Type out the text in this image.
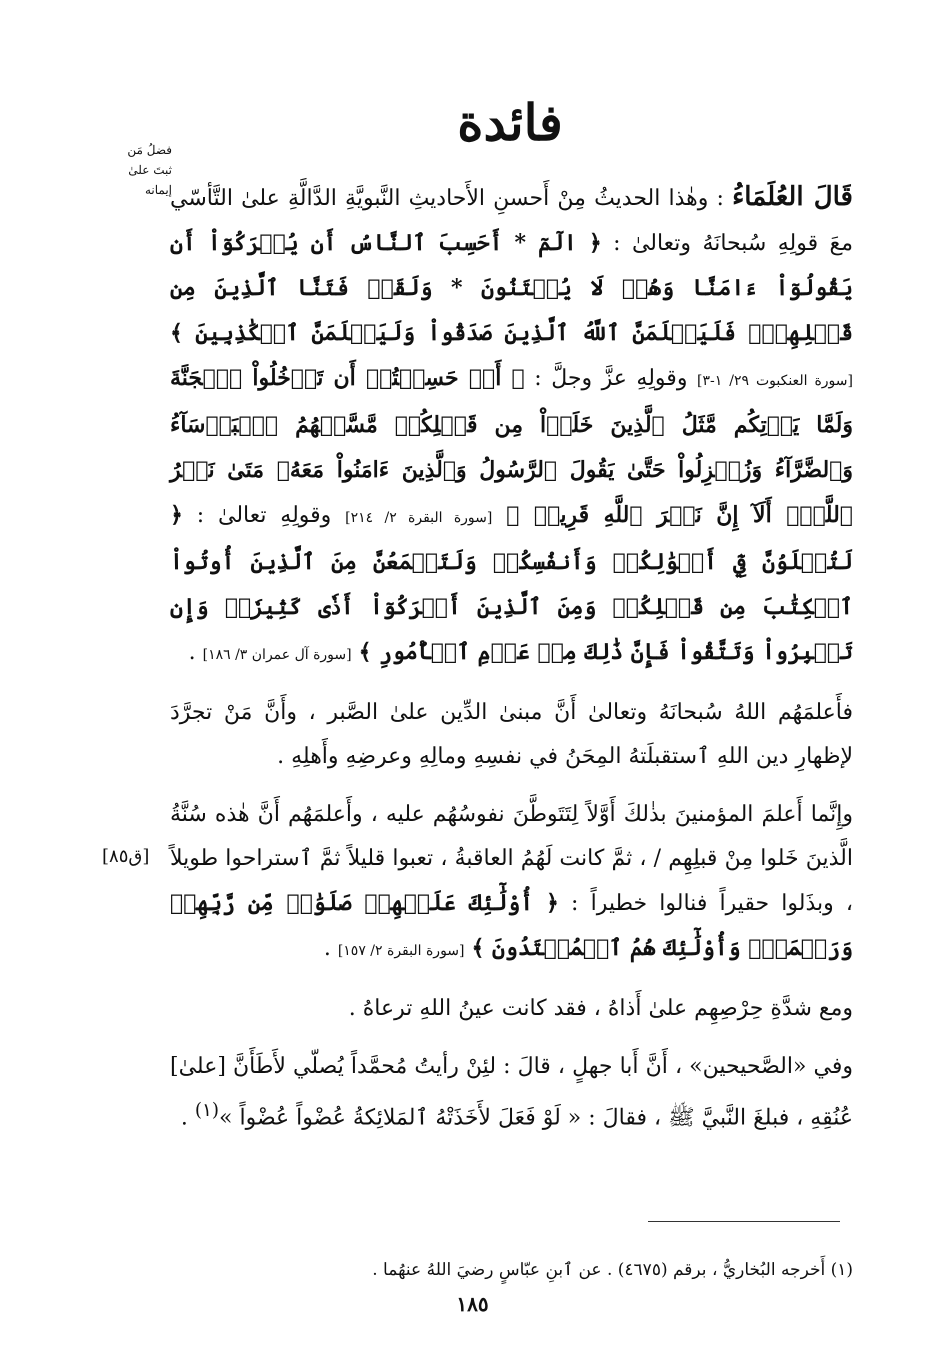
فائدة
فضلُ مَن ثبتَ علىٰ إيمانه
[ق٨٥]

قَالَ العُلَمَاءُ : وهٰذا الحديثُ مِنْ أَحسنِ الأَحاديثِ النَّبويَّةِ الدَّالَّةِ علىٰ التَّأسّي معَ قولِهِ سُبحانَهُ وتعالىٰ : ﴿ الٓمٓ * أَحَسِبَ ٱلنَّاسُ أَن يُتۡرَكُوٓاْ أَن يَقُولُوٓاْ ءَامَنَّا وَهُمۡ لَا يُفۡتَنُونَ * وَلَقَدۡ فَتَنَّا ٱلَّذِينَ مِن قَبۡلِهِمۡۖ فَلَيَعۡلَمَنَّ ٱللَّهُ ٱلَّذِينَ صَدَقُواْ وَلَيَعۡلَمَنَّ ٱلۡكَٰذِبِينَ ﴾ [سورة العنكبوت ٢٩/ ١-٣] وقولِهِ عزَّ وجلَّ : ﴿ أَمۡ حَسِبۡتُمۡ أَن تَدۡخُلُواْ ٱلۡجَنَّةَ وَلَمَّا يَأۡتِكُم مَّثَلُ ٱلَّذِينَ خَلَوۡاْ مِن قَبۡلِكُمۖ مَّسَّتۡهُمُ ٱلۡبَأۡسَآءُ وَٱلضَّرَّآءُ وَزُلۡزِلُواْ حَتَّىٰ يَقُولَ ٱلرَّسُولُ وَٱلَّذِينَ ءَامَنُواْ مَعَهُۥ مَتَىٰ نَصۡرُ ٱللَّهِۗ أَلَآ إِنَّ نَصۡرَ ٱللَّهِ قَرِيبٞ ﴾ [سورة البقرة ٢/ ٢١٤] وقولِهِ تعالىٰ : ﴿ لَتُبۡلَوُنَّ فِيٓ أَمۡوَٰلِكُمۡ وَأَنفُسِكُمۡ وَلَتَسۡمَعُنَّ مِنَ ٱلَّذِينَ أُوتُواْ ٱلۡكِتَٰبَ مِن قَبۡلِكُمۡ وَمِنَ ٱلَّذِينَ أَشۡرَكُوٓاْ أَذٗى كَثِيرٗاۚ وَإِن تَصۡبِرُواْ وَتَتَّقُواْ فَإِنَّ ذَٰلِكَ مِنۡ عَزۡمِ ٱلۡأُمُورِ ﴾ [سورة آل عمران ٣/ ١٨٦] .

فأَعلمَهُم اللهُ سُبحانَهُ وتعالىٰ أَنَّ مبنىٰ الدِّين علىٰ الصَّبر ، وأَنَّ مَنْ تجرَّدَ لإظهارِ دين اللهِ ٱستقبلَتهُ المِحَنُ في نفسِهِ ومالِهِ وعرضِهِ وأَهلِهِ .

وإِنَّما أَعلمَ المؤمنينَ بذٰلكَ أَوَّلاً لِتَتَوطَّنَ نفوسُهُم عليه ، وأَعلمَهُم أَنَّ هٰذه سُنَّةُ الَّذينَ خَلوا مِنْ قبلِهِم / ، ثمَّ كانت لَهُمُ العاقبةُ ، تعبوا قليلاً ثمَّ ٱستراحوا طويلاً ، وبذَلوا حقيراً فنالوا خطيراً : ﴿ أُوْلَٰٓئِكَ عَلَيۡهِمۡ صَلَوَٰتٞ مِّن رَّبِّهِمۡ وَرَحۡمَةٞۖ وَأُوْلَٰٓئِكَ هُمُ ٱلۡمُهۡتَدُونَ ﴾ [سورة البقرة ٢/ ١٥٧] .

ومع شدَّةِ حِرْصِهِم علىٰ أَذاهُ ، فقد كانت عينُ اللهِ ترعاهُ .

وفي «الصَّحيحين» ، أَنَّ أَبا جهلٍ ، قالَ : لئِنْ رأيتُ مُحمَّداً يُصلّي لأَطَأَنَّ [علىٰ] عُنُقِهِ ، فبلغَ النَّبيَّ ﷺ ، فقالَ : « لَوْ فَعَلَ لأَخَذَتْهُ ٱلمَلائِكةُ عُضْواً عُضْواً »$^{(١)}$ .

(١) أَخرجه البُخاريُّ ، برقم (٤٦٧٥) . عن ٱبنِ عبّاسٍ رضيَ اللهُ عنهُما .
١٨٥
